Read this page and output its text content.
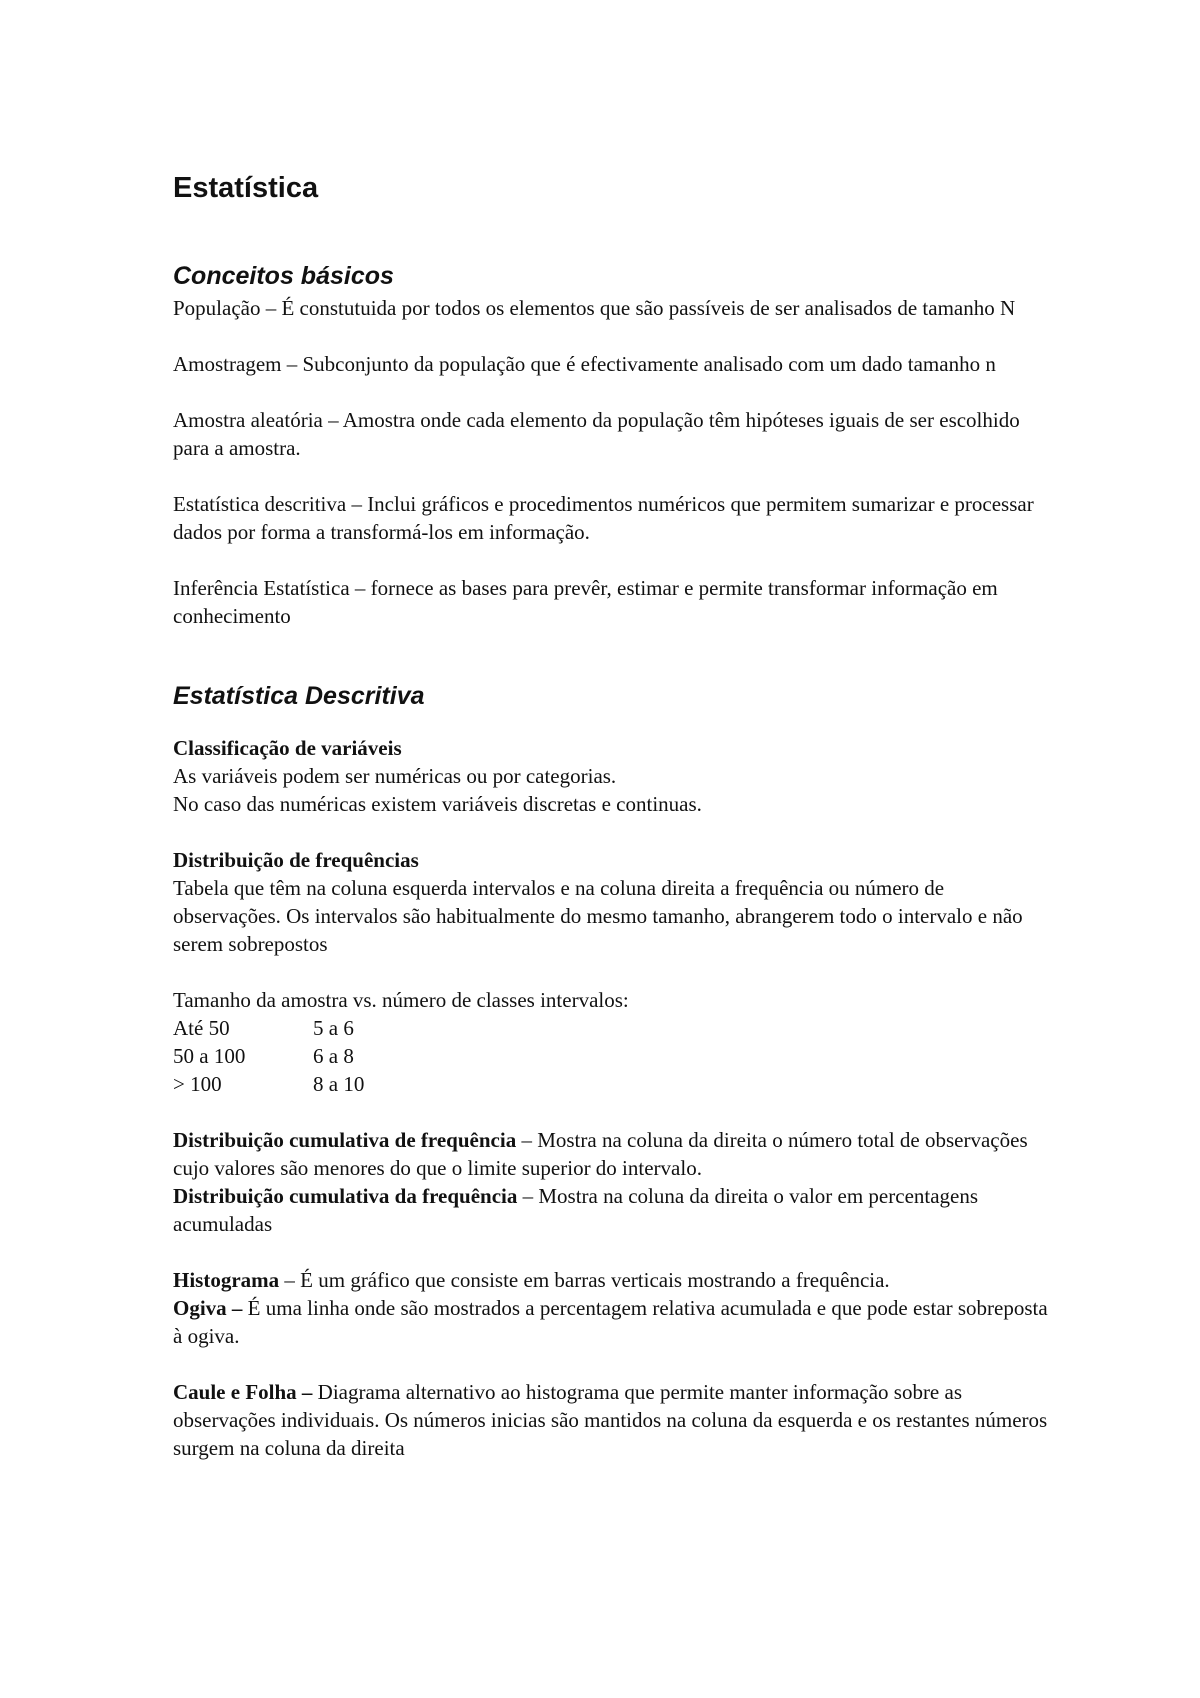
Estatística
Conceitos básicos

População – É constutuida por todos os elementos que são passíveis de ser analisados de tamanho N

Amostragem – Subconjunto da população que é efectivamente analisado com um dado tamanho n

Amostra aleatória – Amostra onde cada elemento da população têm hipóteses iguais de ser escolhido para a amostra.

Estatística descritiva – Inclui gráficos e procedimentos numéricos que permitem sumarizar e processar dados por forma a transformá-los em informação.

Inferência Estatística – fornece as bases para prevêr, estimar e permite transformar informação em conhecimento

Estatística Descritiva

Classificação de variáveis

As variáveis podem ser numéricas ou por categorias.

No caso das numéricas existem variáveis discretas e continuas.

Distribuição de frequências

Tabela que têm na coluna esquerda intervalos e na coluna direita a frequência ou número de observações. Os intervalos são habitualmente do mesmo tamanho, abrangerem todo o intervalo e não serem sobrepostos

Tamanho da amostra vs. número de classes intervalos:

Até 50	5 a 6
50 a 100	6 a 8
> 100	8 a 10

Distribuição cumulativa de frequência – Mostra na coluna da direita o número total de observações cujo valores são menores do que o limite superior do intervalo.

Distribuição cumulativa da frequência – Mostra na coluna da direita o valor em percentagens acumuladas

Histograma – É um gráfico que consiste em barras verticais mostrando a frequência.

Ogiva – É uma linha onde são mostrados a percentagem relativa acumulada e que pode estar sobreposta à ogiva.

Caule e Folha – Diagrama alternativo ao histograma que permite manter informação sobre as observações individuais. Os números inicias são mantidos na coluna da esquerda e os restantes números surgem na coluna da direita
